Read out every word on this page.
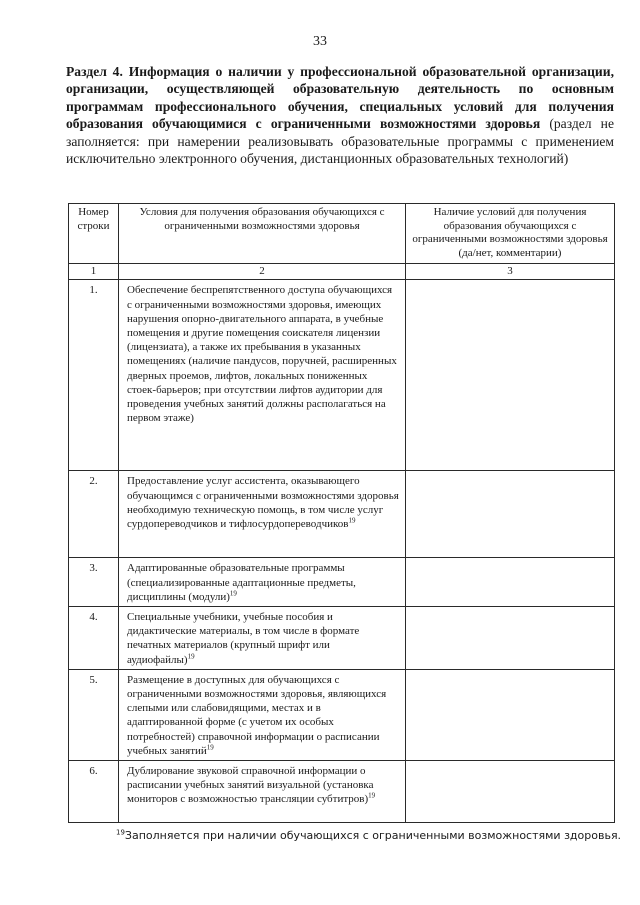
33
Раздел 4. Информация о наличии у профессиональной образовательной организации, организации, осуществляющей образовательную деятельность по основным программам профессионального обучения, специальных условий для получения образования обучающимися с ограниченными возможностями здоровья (раздел не заполняется: при намерении реализовывать образовательные программы с применением исключительно электронного обучения, дистанционных образовательных технологий)
Номер строки	Условия для получения образования обучающихся с ограниченными возможностями здоровья	Наличие условий для получения образования обучающихся с ограниченными возможностями здоровья (да/нет, комментарии)
1	2	3
1.	Обеспечение беспрепятственного доступа обучающихся с ограниченными возможностями здоровья, имеющих нарушения опорно-двигательного аппарата, в учебные помещения и другие помещения соискателя лицензии (лицензиата), а также их пребывания в указанных помещениях (наличие пандусов, поручней, расширенных дверных проемов, лифтов, локальных пониженных стоек-барьеров; при отсутствии лифтов аудитории для проведения учебных занятий должны располагаться на первом этаже)	
2.	Предоставление услуг ассистента, оказывающего обучающимся с ограниченными возможностями здоровья необходимую техническую помощь, в том числе услуг сурдопереводчиков и тифлосурдопереводчиков$^{19}$	
3.	Адаптированные образовательные программы (специализированные адаптационные предметы, дисциплины (модули)$^{19}$	
4.	Специальные учебники, учебные пособия и дидактические материалы, в том числе в формате печатных материалов (крупный шрифт или аудиофайлы)$^{19}$	
5.	Размещение в доступных для обучающихся с ограниченными возможностями здоровья, являющихся слепыми или слабовидящими, местах и в адаптированной форме (с учетом их особых потребностей) справочной информации о расписании учебных занятий$^{19}$	
6.	Дублирование звуковой справочной информации о расписании учебных занятий визуальной (установка мониторов с возможностью трансляции субтитров)$^{19}$	
$^{19}$Заполняется при наличии обучающихся с ограниченными возможностями здоровья.
